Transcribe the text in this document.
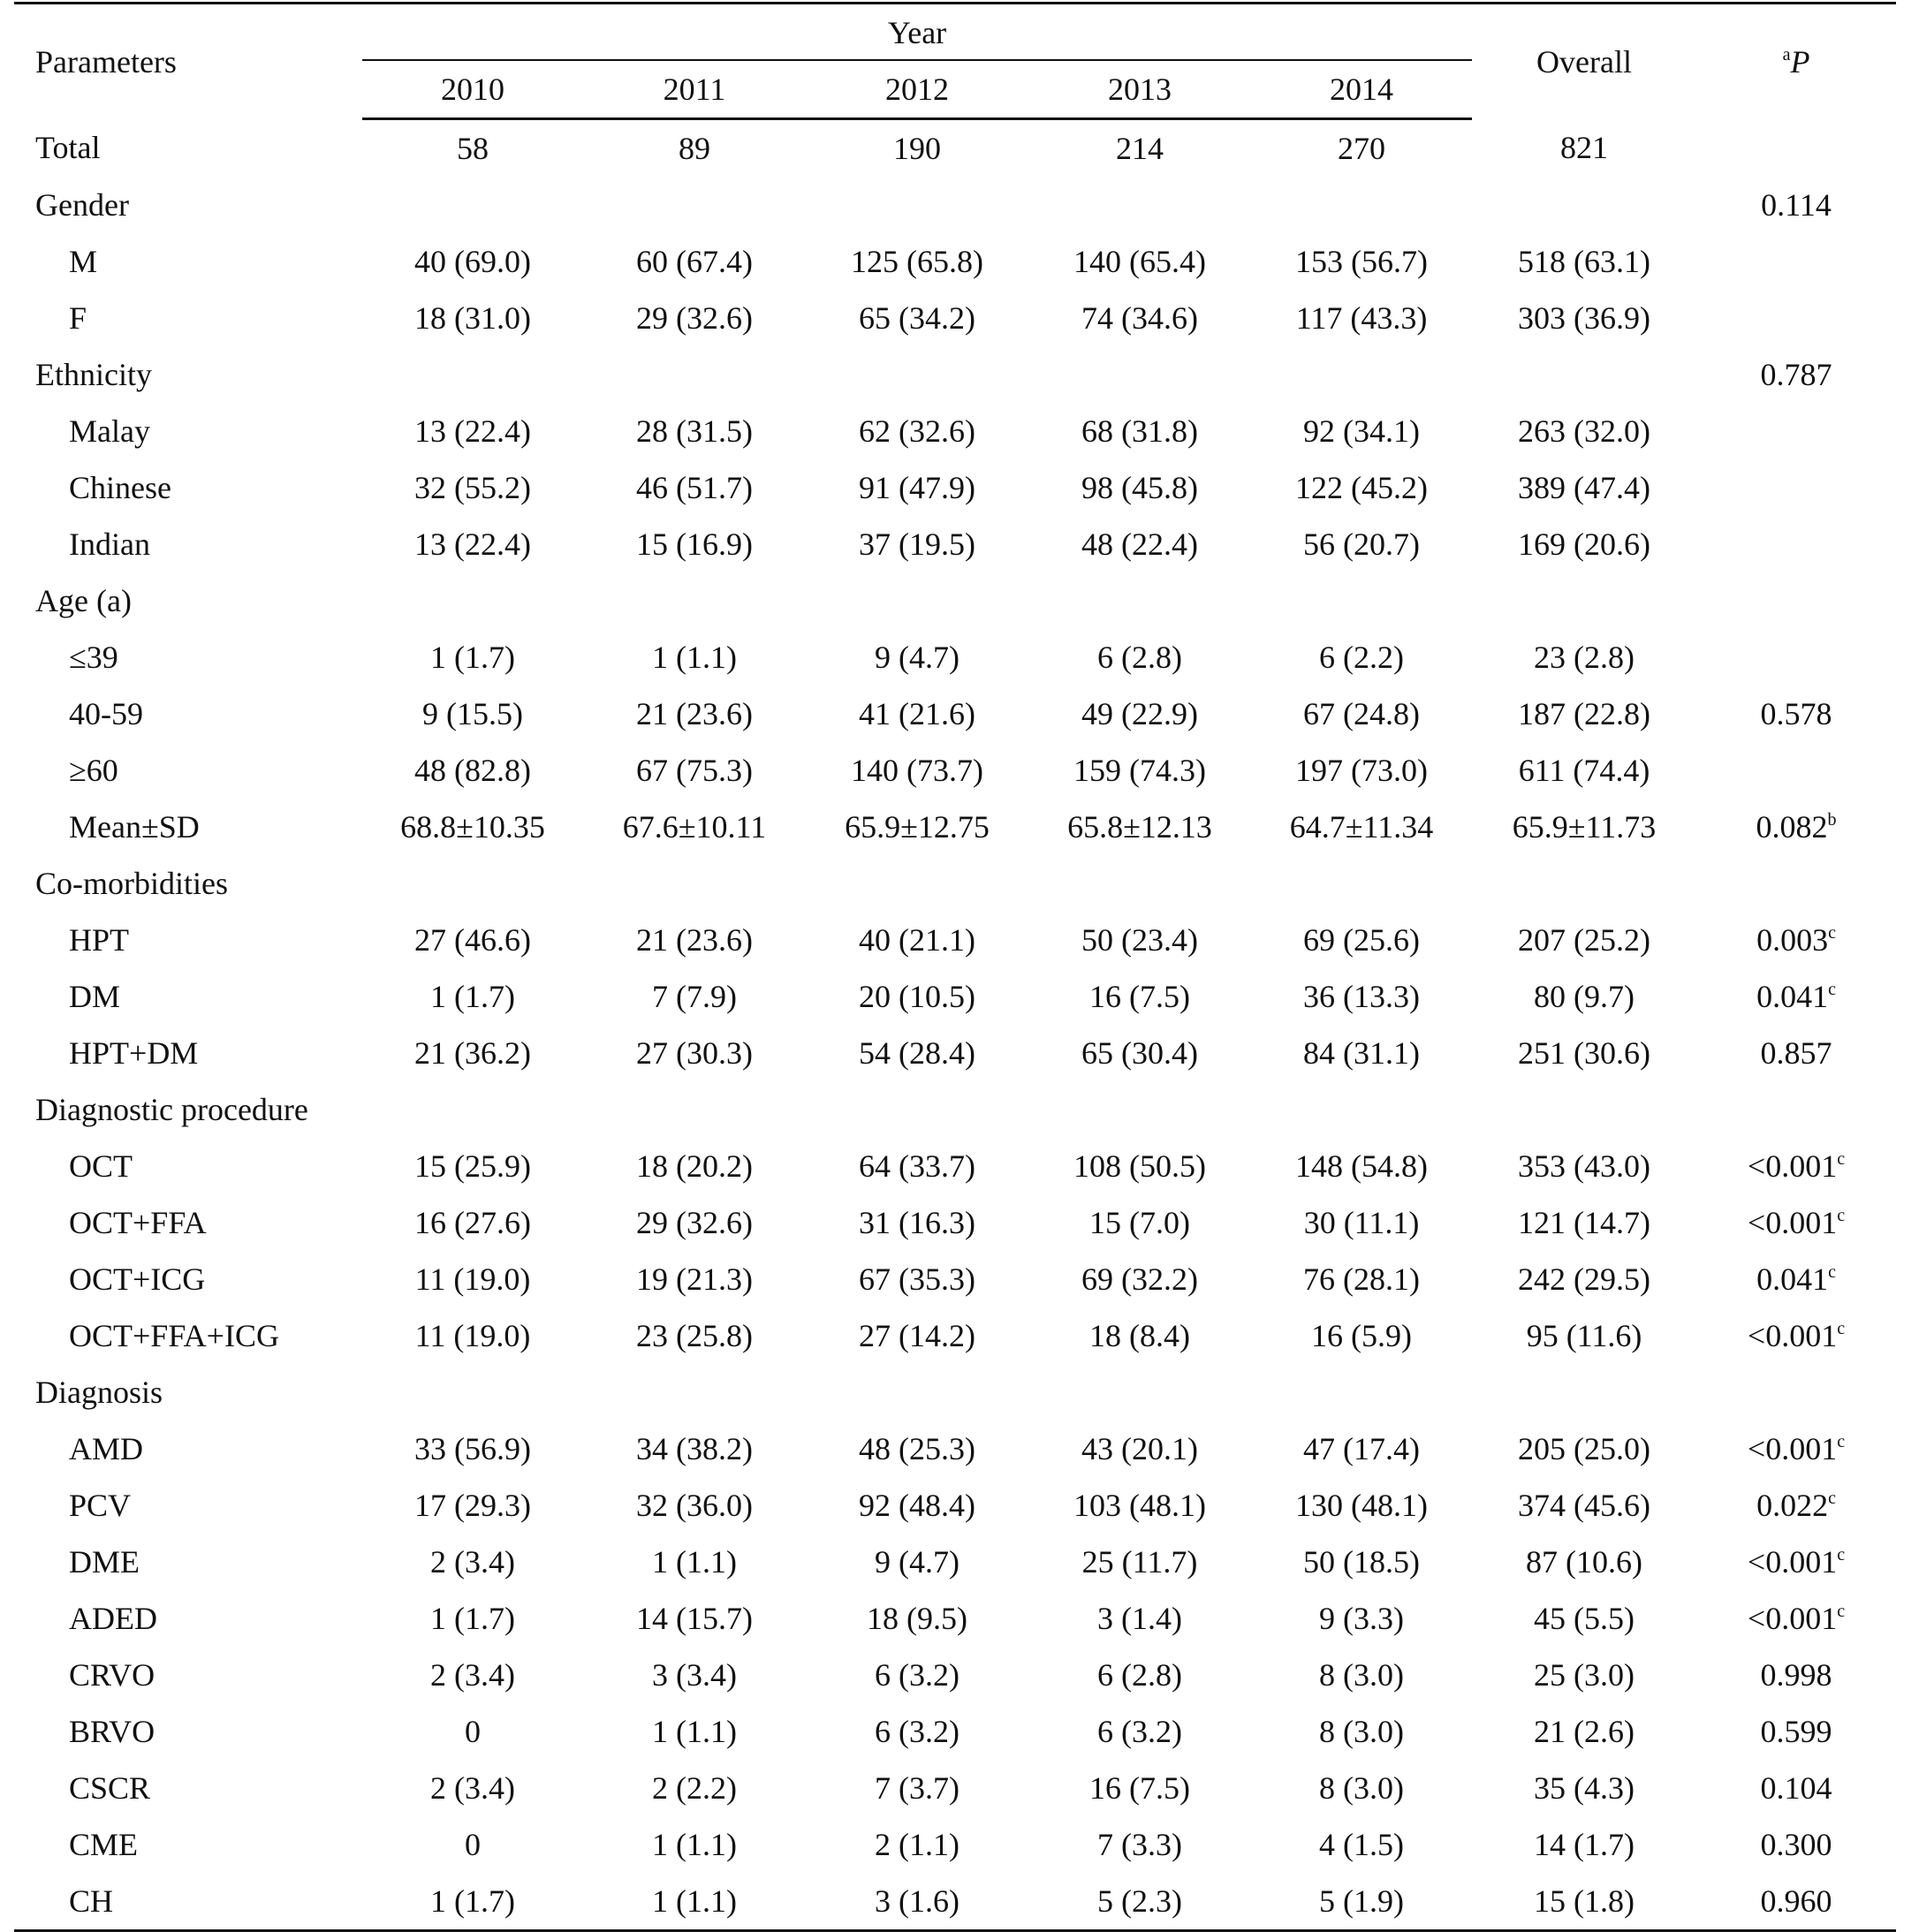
Parameters	Year					Overall	$^a$P
	2010	2011	2012	2013	2014		
Total	58	89	190	214	270	821	
Gender							0.114
M	40 (69.0)	60 (67.4)	125 (65.8)	140 (65.4)	153 (56.7)	518 (63.1)	
F	18 (31.0)	29 (32.6)	65 (34.2)	74 (34.6)	117 (43.3)	303 (36.9)	
Ethnicity							0.787
Malay	13 (22.4)	28 (31.5)	62 (32.6)	68 (31.8)	92 (34.1)	263 (32.0)	
Chinese	32 (55.2)	46 (51.7)	91 (47.9)	98 (45.8)	122 (45.2)	389 (47.4)	
Indian	13 (22.4)	15 (16.9)	37 (19.5)	48 (22.4)	56 (20.7)	169 (20.6)	
Age (a)							
≤39	1 (1.7)	1 (1.1)	9 (4.7)	6 (2.8)	6 (2.2)	23 (2.8)	
40-59	9 (15.5)	21 (23.6)	41 (21.6)	49 (22.9)	67 (24.8)	187 (22.8)	0.578
≥60	48 (82.8)	67 (75.3)	140 (73.7)	159 (74.3)	197 (73.0)	611 (74.4)	
Mean±SD	68.8±10.35	67.6±10.11	65.9±12.75	65.8±12.13	64.7±11.34	65.9±11.73	0.082$^b$
Co-morbidities							
HPT	27 (46.6)	21 (23.6)	40 (21.1)	50 (23.4)	69 (25.6)	207 (25.2)	0.003$^c$
DM	1 (1.7)	7 (7.9)	20 (10.5)	16 (7.5)	36 (13.3)	80 (9.7)	0.041$^c$
HPT+DM	21 (36.2)	27 (30.3)	54 (28.4)	65 (30.4)	84 (31.1)	251 (30.6)	0.857
Diagnostic procedure							
OCT	15 (25.9)	18 (20.2)	64 (33.7)	108 (50.5)	148 (54.8)	353 (43.0)	<0.001$^c$
OCT+FFA	16 (27.6)	29 (32.6)	31 (16.3)	15 (7.0)	30 (11.1)	121 (14.7)	<0.001$^c$
OCT+ICG	11 (19.0)	19 (21.3)	67 (35.3)	69 (32.2)	76 (28.1)	242 (29.5)	0.041$^c$
OCT+FFA+ICG	11 (19.0)	23 (25.8)	27 (14.2)	18 (8.4)	16 (5.9)	95 (11.6)	<0.001$^c$
Diagnosis							
AMD	33 (56.9)	34 (38.2)	48 (25.3)	43 (20.1)	47 (17.4)	205 (25.0)	<0.001$^c$
PCV	17 (29.3)	32 (36.0)	92 (48.4)	103 (48.1)	130 (48.1)	374 (45.6)	0.022$^c$
DME	2 (3.4)	1 (1.1)	9 (4.7)	25 (11.7)	50 (18.5)	87 (10.6)	<0.001$^c$
ADED	1 (1.7)	14 (15.7)	18 (9.5)	3 (1.4)	9 (3.3)	45 (5.5)	<0.001$^c$
CRVO	2 (3.4)	3 (3.4)	6 (3.2)	6 (2.8)	8 (3.0)	25 (3.0)	0.998
BRVO	0	1 (1.1)	6 (3.2)	6 (3.2)	8 (3.0)	21 (2.6)	0.599
CSCR	2 (3.4)	2 (2.2)	7 (3.7)	16 (7.5)	8 (3.0)	35 (4.3)	0.104
CME	0	1 (1.1)	2 (1.1)	7 (3.3)	4 (1.5)	14 (1.7)	0.300
CH	1 (1.7)	1 (1.1)	3 (1.6)	5 (2.3)	5 (1.9)	15 (1.8)	0.960
